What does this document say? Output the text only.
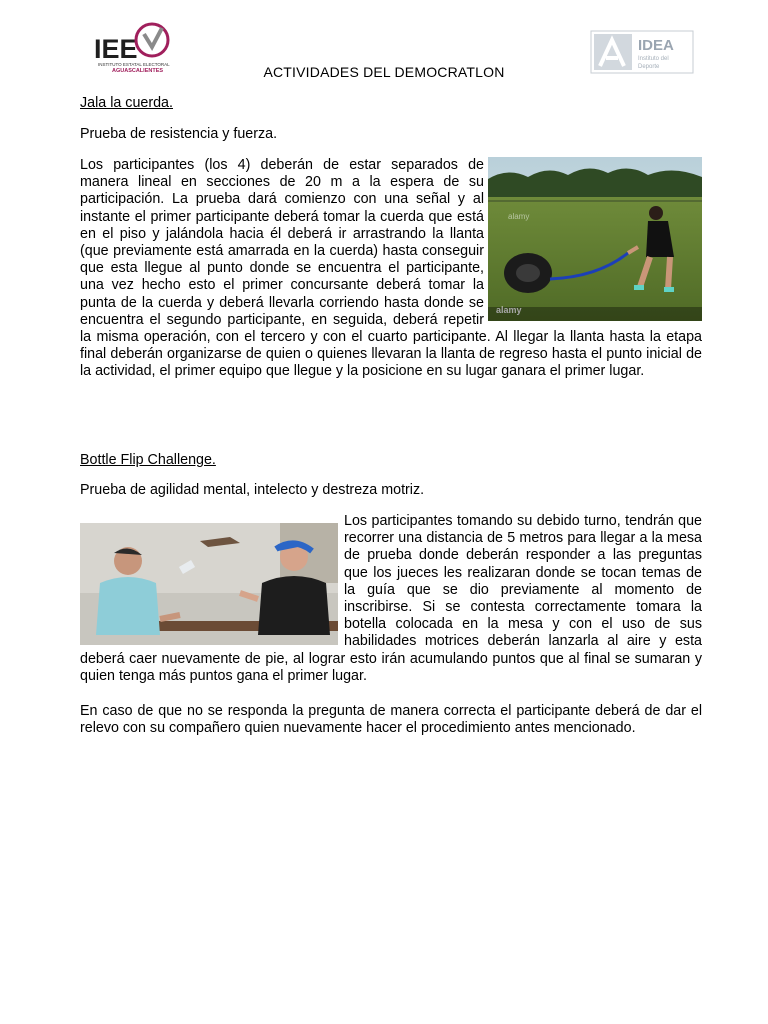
IEE
INSTITUTO ESTATAL ELECTORAL
AGUASCALIENTES
IDEA
Instituto del
Deporte
ACTIVIDADES DEL DEMOCRATLON

Jala la cuerda.

Prueba de resistencia y fuerza.

alamy
alamy
Los participantes (los 4) deberán de estar separados de manera lineal en secciones de 20 m a la espera de su participación. La prueba dará comienzo con una señal y al instante el primer participante deberá tomar la cuerda que está en el piso y jalándola hacia él deberá ir arrastrando la llanta (que previamente está amarrada en la cuerda) hasta conseguir que esta llegue al punto donde se encuentra el participante, una vez hecho esto el primer concursante deberá tomar la punta de la cuerda y deberá llevarla corriendo hasta donde se encuentra el segundo participante, en seguida, deberá repetir la misma operación, con el tercero y con el cuarto participante. Al llegar la llanta hasta la etapa final deberán organizarse de quien o quienes llevaran la llanta de regreso hasta el punto inicial de la actividad, el primer equipo que llegue y la posicione en su lugar ganara el primer lugar.

Bottle Flip Challenge.

Prueba de agilidad mental, intelecto y destreza motriz.

Los participantes tomando su debido turno, tendrán que recorrer una distancia de 5 metros para llegar a la mesa de prueba donde deberán responder a las preguntas que los jueces les realizaran donde se tocan temas de la guía que se dio previamente al momento de inscribirse. Si se contesta correctamente tomara la botella colocada en la mesa y con el uso de sus habilidades motrices deberán lanzarla al aire y esta deberá caer nuevamente de pie, al lograr esto irán acumulando puntos que al final se sumaran y quien tenga más puntos gana el primer lugar.

En caso de que no se responda la pregunta de manera correcta el participante deberá de dar el relevo con su compañero quien nuevamente hacer el procedimiento antes mencionado.
